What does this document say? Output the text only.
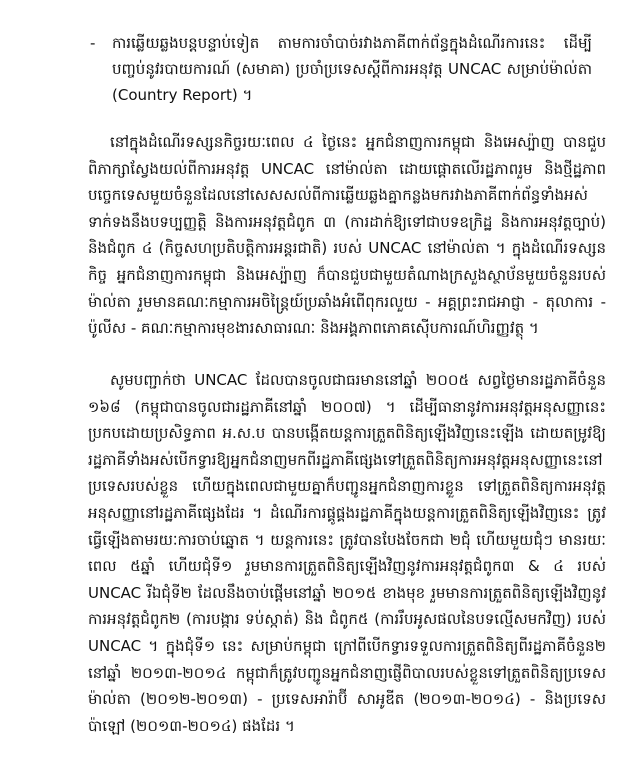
- ការឆ្លើយឆ្លងបន្តបន្ទាប់ទៀត តាមការចាំបាច់រវាងភាគីពាក់ព័ន្ធក្នុងដំណើរការនេះ ដើម្បីបញ្ចប់នូវរបាយការណ៍ (សមាគា) ប្រចាំប្រទេសស្តីពីការអនុវត្ត UNCAC សម្រាប់ម៉ាល់តា (Country Report) ។

នៅក្នុងដំណើរទស្សនកិច្ចរយៈពេល ៤ ថ្ងៃនេះ អ្នកជំនាញការកម្ពុជា និងអេស្ប៉ាញ បានជួបពិភាក្សាស្វែងយល់ពីការអនុវត្ត UNCAC នៅម៉ាល់តា ដោយផ្តោតលើរដ្ឋភាពរួម និងថ្មីដ្ឋភាពបច្ចេកទេសមួយចំនួនដែលនៅសេសសល់ពីការឆ្លើយឆ្លងគ្នាកន្លងមករវាងភាគីពាក់ព័ន្ធទាំងអស់ ទាក់ទងនឹងបទប្បញ្ញត្តិ និងការអនុវត្តជំពូក ៣ (ការដាក់ឱ្យទៅជាបទឧក្រិដ្ឋ និងការអនុវត្តច្បាប់) និងជំពូក ៤ (កិច្ចសហប្រតិបត្តិការអន្តរជាតិ) របស់ UNCAC នៅម៉ាល់តា ។ ក្នុងដំណើរទស្សនកិច្ច អ្នកជំនាញការកម្ពុជា និងអេស្ប៉ាញ ក៏បានជួបជាមួយតំណាងក្រសួងស្ថាប័នមួយចំនួនរបស់ម៉ាល់តា រួមមានគណៈកម្មាការអចិន្ត្រៃយ៍ប្រឆាំងអំពើពុករលួយ - អគ្គព្រះរាជអាជ្ញា - តុលាការ - ប៉ូលីស - គណៈកម្មាការមុខងារសាធារណៈ និងអង្គភាពភោគស៊ើបការណ៍ហិរញ្ញវត្ថុ ។

សូមបញ្ជាក់ថា UNCAC ដែលបានចូលជាធរមាននៅឆ្នាំ ២០០៥ សព្វថ្ងៃមានរដ្ឋភាគីចំនួន ១៦៨ (កម្ពុជាបានចូលជារដ្ឋភាគីនៅឆ្នាំ ២០០៧) ។ ដើម្បីធានានូវការអនុវត្តអនុសញ្ញានេះ ប្រកបដោយប្រសិទ្ធភាព អ.ស.ប បានបង្កើតយន្តការត្រួតពិនិត្យឡើងវិញនេះឡើង ដោយតម្រូវឱ្យរដ្ឋភាគីទាំងអស់បើកទ្វារឱ្យអ្នកជំនាញមកពីរដ្ឋភាគីផ្សេងទៅត្រួតពិនិត្យការអនុវត្តអនុសញ្ញានេះនៅប្រទេសរបស់ខ្លួន ហើយក្នុងពេលជាមួយគ្នាក៏បញ្ជូនអ្នកជំនាញការខ្លួន ទៅត្រួតពិនិត្យការអនុវត្តអនុសញ្ញានៅរដ្ឋភាគីផ្សេងដែរ ។ ដំណើរការផ្គូផ្គងរដ្ឋភាគីក្នុងយន្តការត្រួតពិនិត្យឡើងវិញនេះ ត្រូវធ្វើឡើងតាមរយៈការចាប់ឆ្នោត ។ យន្តការនេះ ត្រូវបានបែងចែកជា ២ជុំ ហើយមួយជុំៗ មានរយៈពេល ៥ឆ្នាំ ហើយជុំទី១ រួមមានការត្រួតពិនិត្យឡើងវិញនូវការអនុវត្តជំពូក៣ & ៤ របស់ UNCAC រីឯជុំទី២ ដែលនឹងចាប់ផ្តើមនៅឆ្នាំ ២០១៥ ខាងមុខ រួមមានការត្រួតពិនិត្យឡើងវិញនូវការអនុវត្តជំពូក២ (ការបង្ការ ទប់ស្កាត់) និង ជំពូក៥ (ការរឹបអូសផលនៃបទល្មើសមកវិញ) របស់ UNCAC ។ ក្នុងជុំទី១ នេះ សម្រាប់កម្ពុជា ក្រៅពីបើកទ្វារទទួលការត្រួតពិនិត្យពីរដ្ឋភាគីចំនួន២ នៅឆ្នាំ ២០១៣-២០១៤ កម្ពុជាក៏ត្រូវបញ្ជូនអ្នកជំនាញផ្ញើពិបាលរបស់ខ្លួនទៅត្រួតពិនិត្យប្រទេសម៉ាល់តា (២០១២-២០១៣) - ប្រទេសអារ៉ាប៊ី សាអូឌីត (២០១៣-២០១៤) - និងប្រទេសប៉ាឡៅ (២០១៣-២០១៤) ផងដែរ ។
